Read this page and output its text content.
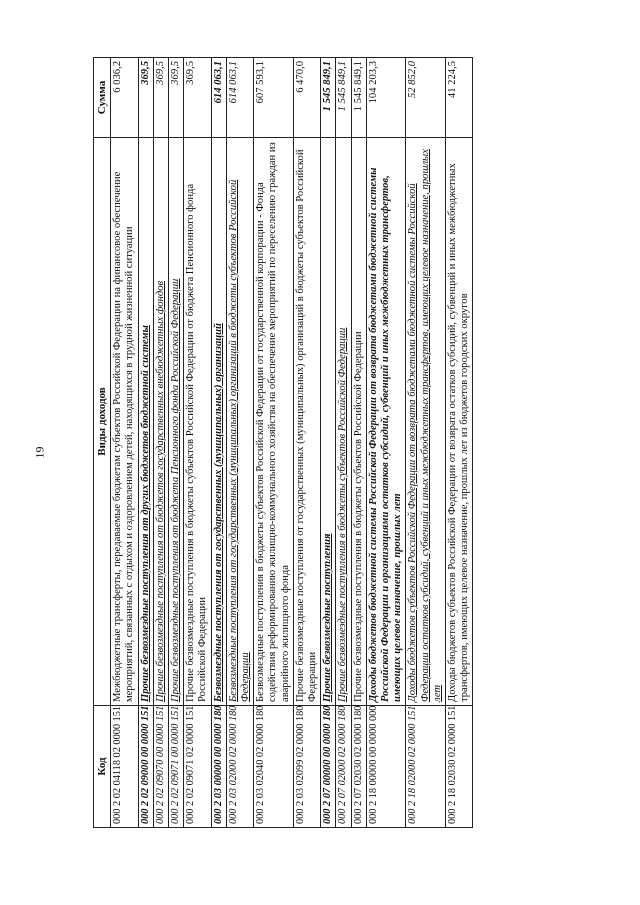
19
Код	Виды доходов	Сумма
000 2 02 04118 02 0000 151	Межбюджетные трансферты, передаваемые бюджетам субъектов Российской Федерации на финансовое обеспечение мероприятий, связанных с отдыхом и оздоровлением детей, находящихся в трудной жизненной ситуации	6 036,2
000 2 02 09000 00 0000 151	Прочие безвозмездные поступления от других бюджетов бюджетной системы	369,5
000 2 02 09070 00 0000 151	Прочие безвозмездные поступления от бюджетов государственных внебюджетных фондов	369,5
000 2 02 09071 00 0000 151	Прочие безвозмездные поступления от бюджета Пенсионного фонда Российской Федерации	369,5
000 2 02 09071 02 0000 151	Прочие безвозмездные поступления в бюджеты субъектов Российской Федерации от бюджета Пенсионного фонда Российской Федерации	369,5
000 2 03 00000 00 0000 180	Безвозмездные поступления от государственных (муниципальных) организаций	614 063,1
000 2 03 02000 02 0000 180	Безвозмездные поступления от государственных (муниципальных) организаций в бюджеты субъектов Российской Федерации	614 063,1
000 2 03 02040 02 0000 180	Безвозмездные поступления в бюджеты субъектов Российской Федерации от государственной корпорации - Фонда содействия реформированию жилищно-коммунального хозяйства на обеспечение мероприятий по переселению граждан из аварийного жилищного фонда	607 593,1
000 2 03 02099 02 0000 180	Прочие безвозмездные поступления от государственных (муниципальных) организаций в бюджеты субъектов Российской Федерации	6 470,0
000 2 07 00000 00 0000 180	Прочие безвозмездные поступления	1 545 849,1
000 2 07 02000 02 0000 180	Прочие безвозмездные поступления в бюджеты субъектов Российской Федерации	1 545 849,1
000 2 07 02030 02 0000 180	Прочие безвозмездные поступления в бюджеты субъектов Российской Федерации	1 545 849,1
000 2 18 00000 00 0000 000	Доходы бюджетов бюджетной системы Российской Федерации от возврата бюджетами бюджетной системы Российской Федерации и организациями остатков субсидий, субвенций и иных межбюджетных трансфертов, имеющих целевое назначение, прошлых лет	104 203,3
000 2 18 02000 02 0000 151	Доходы бюджетов субъектов Российской Федерации от возврата бюджетами бюджетной системы Российской Федерации остатков субсидий, субвенций и иных межбюджетных трансфертов, имеющих целевое назначение, прошлых лет	52 852,0
000 2 18 02030 02 0000 151	Доходы бюджетов субъектов Российской Федерации от возврата остатков субсидий, субвенций и иных межбюджетных трансфертов, имеющих целевое назначение, прошлых лет из бюджетов городских округов	41 224,5
